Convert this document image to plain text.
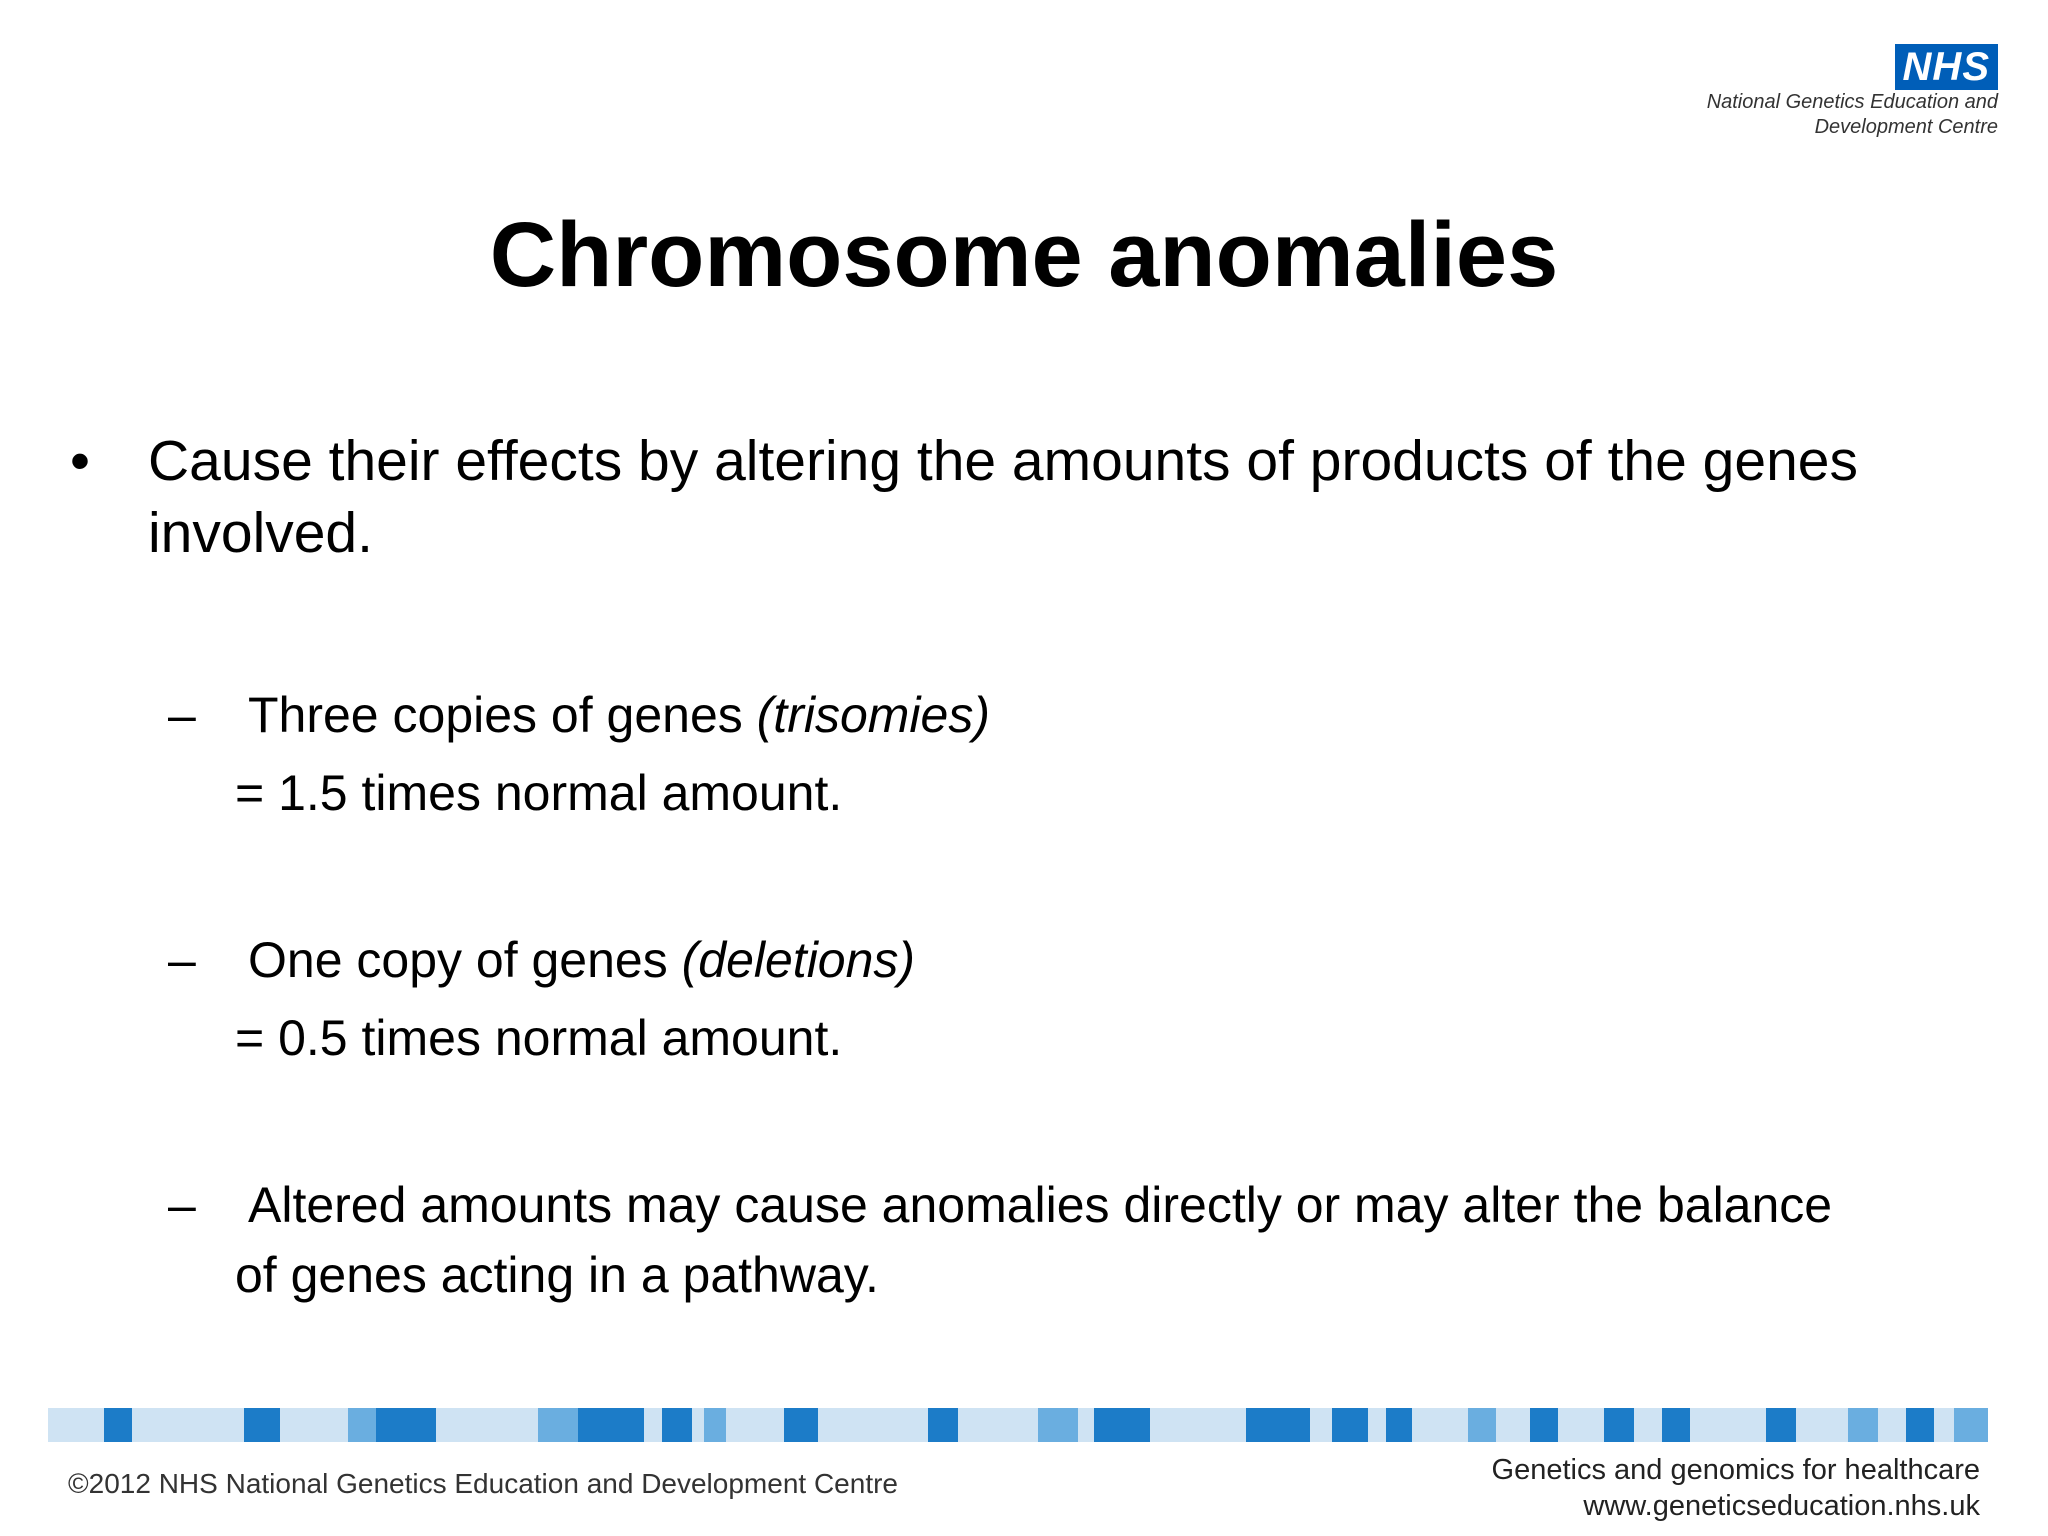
NHS
National Genetics Education and
Development Centre
Chromosome anomalies
• Cause their effects by altering the amounts of products of the genes involved.
– Three copies of genes (trisomies)
= 1.5 times normal amount.
– One copy of genes (deletions)
= 0.5 times normal amount.
– Altered amounts may cause anomalies directly or may alter the balance
of genes acting in a pathway.
©2012 NHS National Genetics Education and Development Centre	Genetics and genomics for healthcare
www.geneticseducation.nhs.uk
